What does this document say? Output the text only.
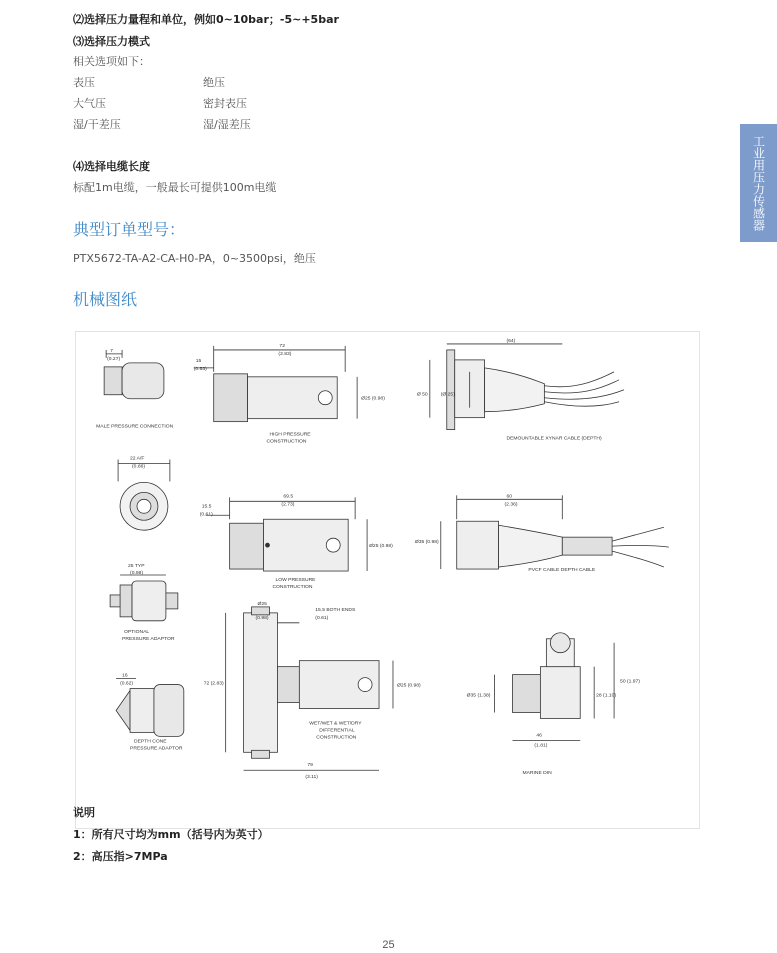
⑵选择压力量程和单位，例如0~10bar；-5~+5bar
⑶选择压力模式
相关选项如下：
表压	绝压
大气压	密封表压
湿/干差压	湿/湿差压
⑷选择电缆长度
标配1m电缆，一般最长可提供100m电缆
典型订单型号：
PTX5672-TA-A2-CA-H0-PA，0~3500psi，绝压
机械图纸
工业用压力传感器
MALE PRESSURE CONNECTION
HIGH PRESSURE
CONSTRUCTION
DEMOUNTABLE XYNAR CABLE (DEPTH)
LOW PRESSURE
CONSTRUCTION
PVCF CABLE DEPTH CABLE
OPTIONAL
PRESSURE ADAPTOR
WET/WET & WET/DRY
DIFFERENTIAL
CONSTRUCTION
DEPTH CONE
PRESSURE ADAPTOR
MARINE DIN
7
(0.27)
72
(2.83)
15
(0.53)
Ø25 (0.98)
(64)
Ø 50	(Ø 25)
22 A/F
(0.86)
69.5
(2.73)
15.5
(0.61)
Ø25 (0.98)
Ø35 (0.98)
60
(2.36)
25 TYP
(0.98)
16
(0.62)
Ø25
(0.98)
15.5 BOTH ENDS
(0.61)
72 (2.83)	Ø25 (0.98)
79
(3.11)
Ø35 (1.38)
50 (1.97)
28 (1.10)
46
(1.81)
说明
1：所有尺寸均为mm（括号内为英寸）
2：高压指>7MPa
25
